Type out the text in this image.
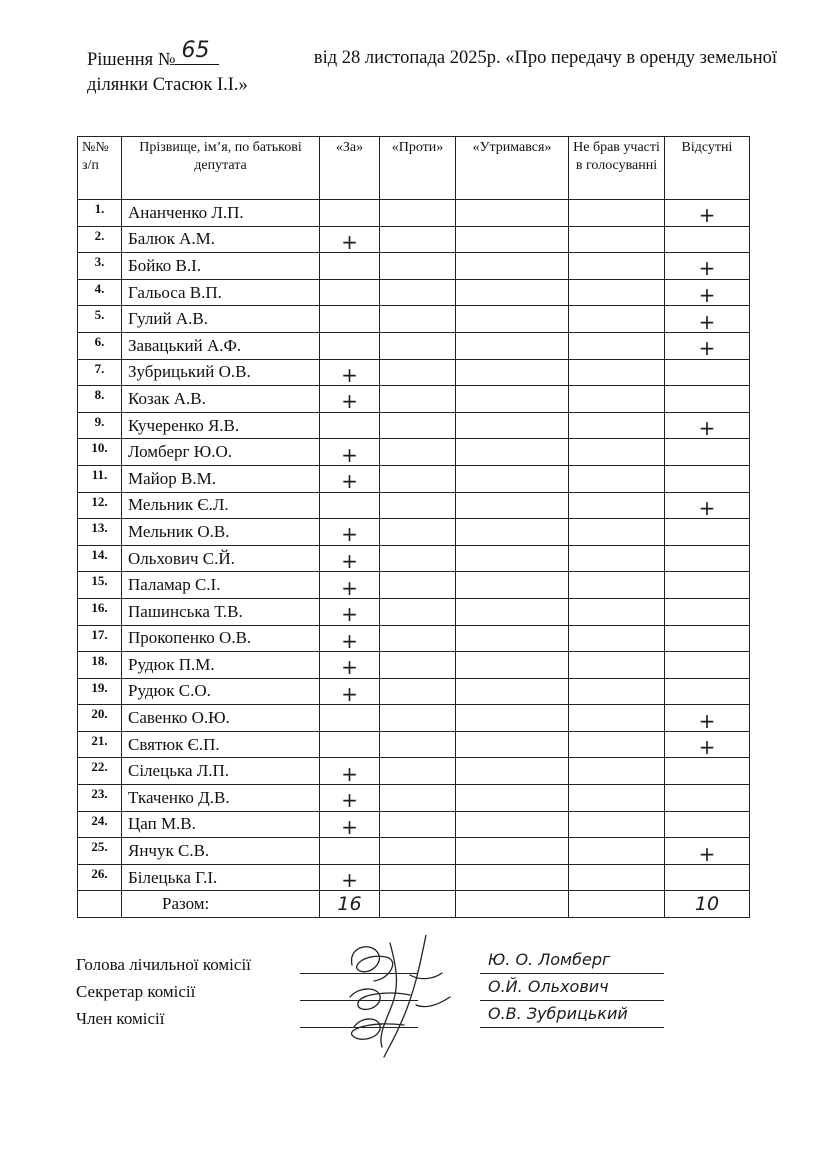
Рішення № 65	від 28 листопада 2025р. «Про передачу в оренду земельної
ділянки Стасюк І.І.»
№№ з/п	Прізвище, ім’я, по батькові депутата	«За»	«Проти»	«Утримався»	Не брав участі в голосуванні	Відсутні
1.	Ананченко Л.П.					+
2.	Балюк А.М.	+				
3.	Бойко В.І.					+
4.	Гальоса В.П.					+
5.	Гулий А.В.					+
6.	Завацький А.Ф.					+
7.	Зубрицький О.В.	+				
8.	Козак А.В.	+				
9.	Кучеренко Я.В.					+
10.	Ломберг Ю.О.	+				
11.	Майор В.М.	+				
12.	Мельник Є.Л.					+
13.	Мельник О.В.	+				
14.	Ольхович С.Й.	+				
15.	Паламар С.І.	+				
16.	Пашинська Т.В.	+				
17.	Прокопенко О.В.	+				
18.	Рудюк П.М.	+				
19.	Рудюк С.О.	+				
20.	Савенко О.Ю.					+
21.	Святюк Є.П.					+
22.	Сілецька Л.П.	+				
23.	Ткаченко Д.В.	+				
24.	Цап М.В.	+				
25.	Янчук С.В.					+
26.	Білецька Г.І.	+				
	Разом:	16				10
Голова лічильної комісії	Ю. О. Ломберг
Секретар комісії	О.Й. Ольхович
Член комісії	О.В. Зубрицький
